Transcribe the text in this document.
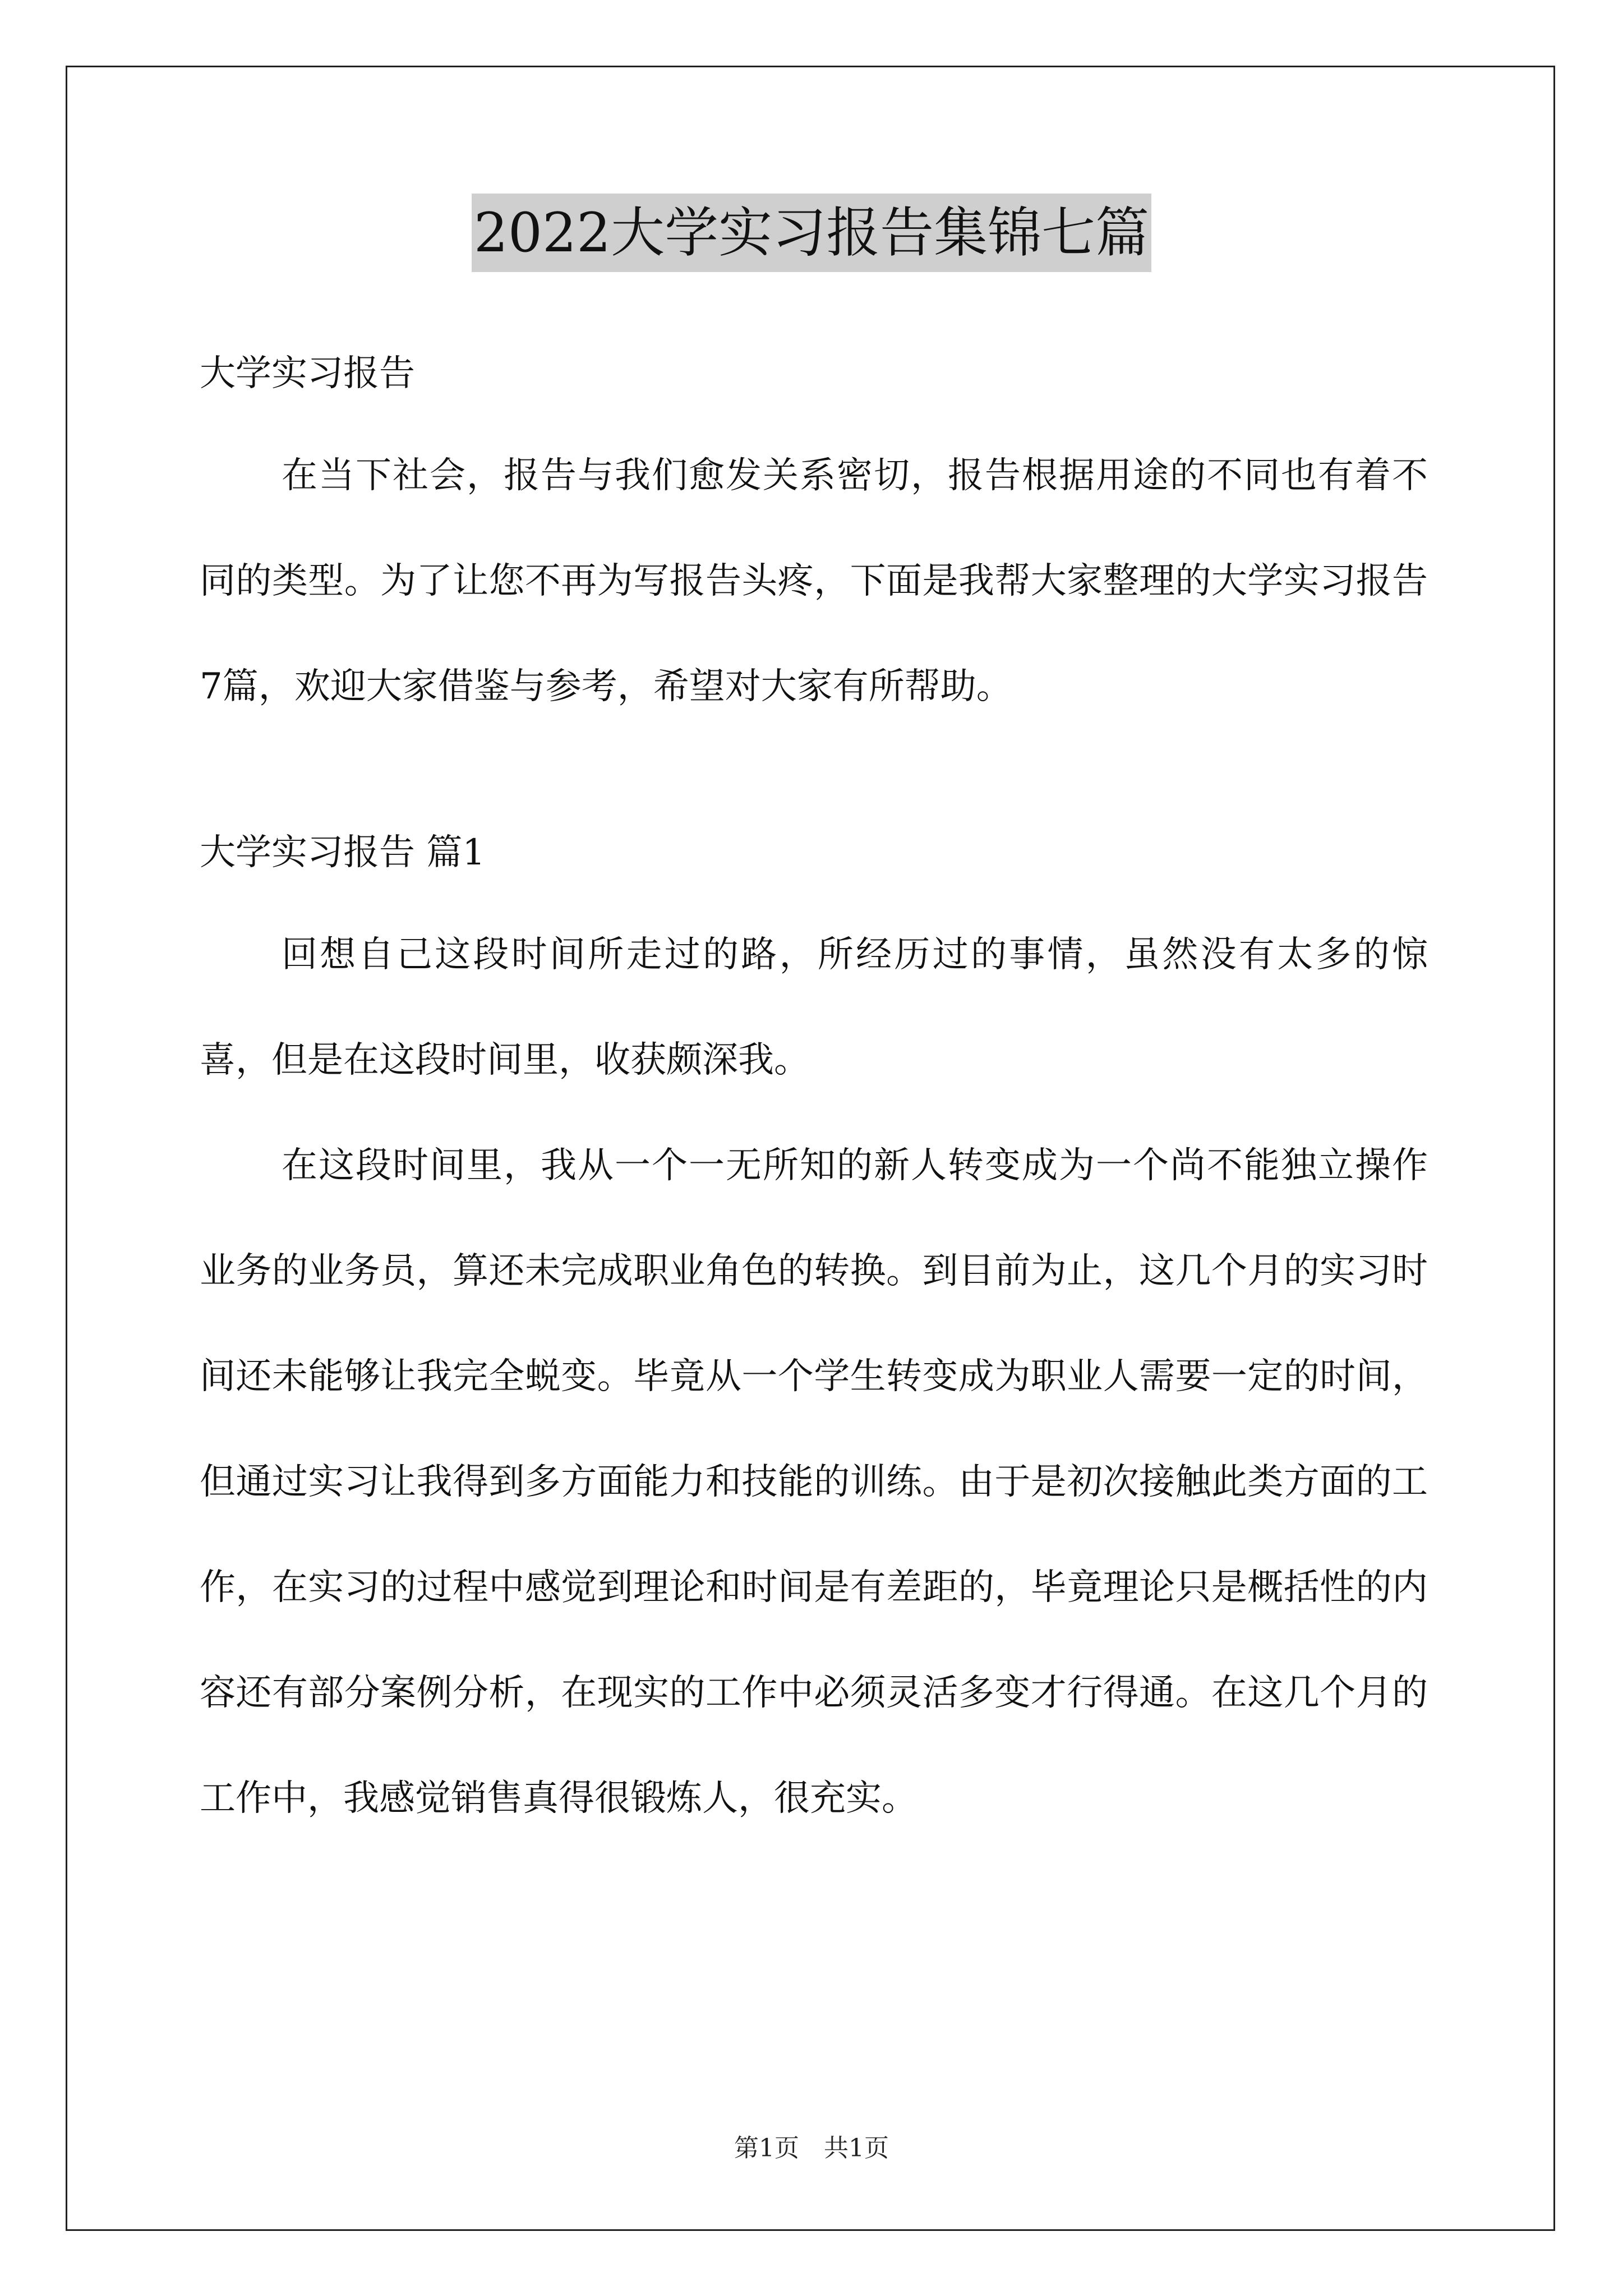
2022大学实习报告集锦七篇

大学实习报告

在当下社会，报告与我们愈发关系密切，报告根据用途的不同也有着不同的类型。为了让您不再为写报告头疼，下面是我帮大家整理的大学实习报告7篇，欢迎大家借鉴与参考，希望对大家有所帮助。

大学实习报告 篇1

回想自己这段时间所走过的路，所经历过的事情，虽然没有太多的惊喜，但是在这段时间里，收获颇深我。

在这段时间里，我从一个一无所知的新人转变成为一个尚不能独立操作业务的业务员，算还未完成职业角色的转换。到目前为止，这几个月的实习时间还未能够让我完全蜕变。毕竟从一个学生转变成为职业人需要一定的时间，但通过实习让我得到多方面能力和技能的训练。由于是初次接触此类方面的工作，在实习的过程中感觉到理论和时间是有差距的，毕竟理论只是概括性的内容还有部分案例分析，在现实的工作中必须灵活多变才行得通。在这几个月的工作中，我感觉销售真得很锻炼人，很充实。

第1页　共1页
